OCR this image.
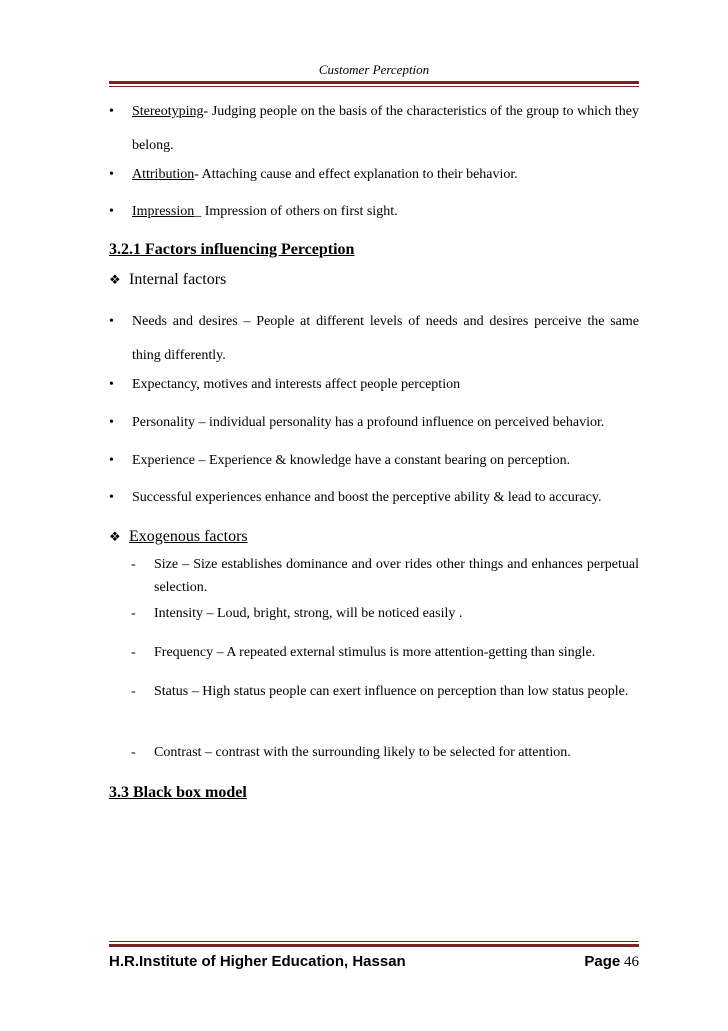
Customer Perception
• Stereotyping- Judging people on the basis of the characteristics of the group to which they belong.
• Attribution- Attaching cause and effect explanation to their behavior.
• Impression_ Impression of others on first sight.
3.2.1 Factors influencing Perception
❖ Internal factors
• Needs and desires – People at different levels of needs and desires perceive the same thing differently.
• Expectancy, motives and interests affect people perception
• Personality – individual personality has a profound influence on perceived behavior.
• Experience – Experience & knowledge have a constant bearing on perception.
• Successful experiences enhance and boost the perceptive ability & lead to accuracy.
❖ Exogenous factors
- Size – Size establishes dominance and over rides other things and enhances perpetual selection.
- Intensity – Loud, bright, strong, will be noticed easily .
- Frequency – A repeated external stimulus is more attention-getting than single.
- Status – High status people can exert influence on perception than low status people.
- Contrast – contrast with the surrounding likely to be selected for attention.
3.3 Black box model
H.R.Institute of Higher Education, Hassan	Page 46
